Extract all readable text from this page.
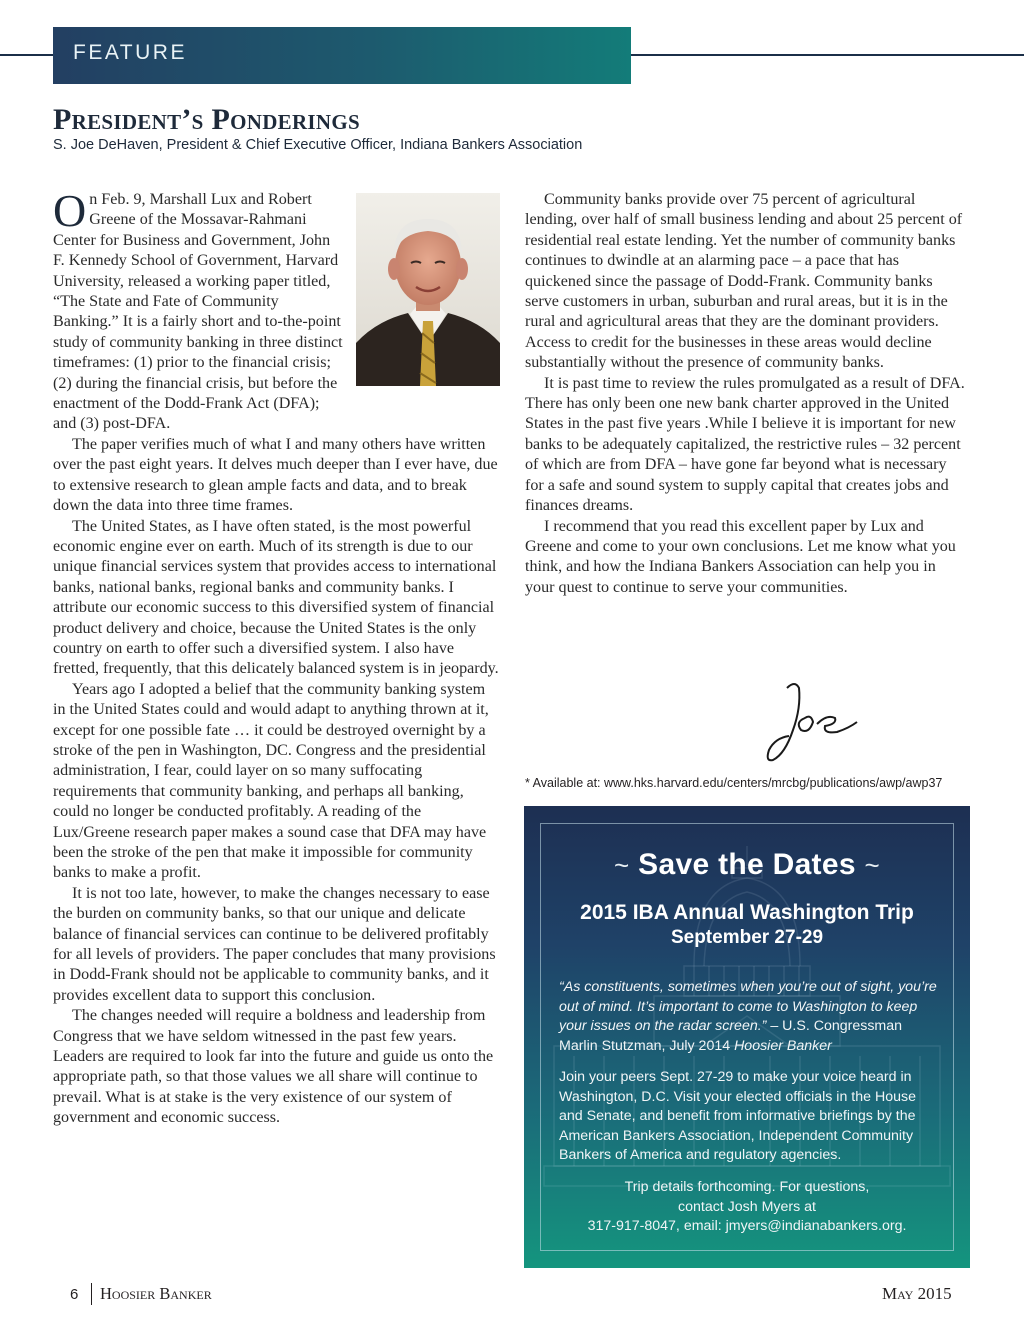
FEATURE
President’s Ponderings
S. Joe DeHaven, President & Chief Executive Officer, Indiana Bankers Association

On Feb. 9, Marshall Lux and Robert Greene of the Mossavar-Rahmani Center for Business and Government, John F. Kennedy School of Government, Harvard University, released a working paper titled, “The State and Fate of Community Banking.” It is a fairly short and to-the-point study of community banking in three distinct timeframes: (1) prior to the financial crisis; (2) during the financial crisis, but before the enactment of the Dodd-Frank Act (DFA); and (3) post-DFA.

The paper verifies much of what I and many others have written over the past eight years. It delves much deeper than I ever have, due to extensive research to glean ample facts and data, and to break down the data into three time frames.

The United States, as I have often stated, is the most powerful economic engine ever on earth. Much of its strength is due to our unique financial services system that provides access to international banks, national banks, regional banks and community banks. I attribute our economic success to this diversified system of financial product delivery and choice, because the United States is the only country on earth to offer such a diversified system. I also have fretted, frequently, that this delicately balanced system is in jeopardy.

Years ago I adopted a belief that the community banking system in the United States could and would adapt to anything thrown at it, except for one possible fate … it could be destroyed overnight by a stroke of the pen in Washington, DC. Congress and the presidential administration, I fear, could layer on so many suffocating requirements that community banking, and perhaps all banking, could no longer be conducted profitably. A reading of the Lux/Greene research paper makes a sound case that DFA may have been the stroke of the pen that make it impossible for community banks to make a profit.

It is not too late, however, to make the changes necessary to ease the burden on community banks, so that our unique and delicate balance of financial services can continue to be delivered profitably for all levels of providers. The paper concludes that many provisions in Dodd-Frank should not be applicable to community banks, and it provides excellent data to support this conclusion.

The changes needed will require a boldness and leadership from Congress that we have seldom witnessed in the past few years. Leaders are required to look far into the future and guide us onto the appropriate path, so that those values we all share will continue to prevail. What is at stake is the very existence of our system of government and economic success.

Community banks provide over 75 percent of agricultural lending, over half of small business lending and about 25 percent of residential real estate lending. Yet the number of community banks continues to dwindle at an alarming pace – a pace that has quickened since the passage of Dodd-Frank. Community banks serve customers in urban, suburban and rural areas, but it is in the rural and agricultural areas that they are the dominant providers. Access to credit for the businesses in these areas would decline substantially without the presence of community banks.

It is past time to review the rules promulgated as a result of DFA. There has only been one new bank charter approved in the United States in the past five years .While I believe it is important for new banks to be adequately capitalized, the restrictive rules – 32 percent of which are from DFA – have gone far beyond what is necessary for a safe and sound system to supply capital that creates jobs and finances dreams.

I recommend that you read this excellent paper by Lux and Greene and come to your own conclusions. Let me know what you think, and how the Indiana Bankers Association can help you in your quest to continue to serve your communities.

* Available at: www.hks.harvard.edu/centers/mrcbg/publications/awp/awp37
~ Save the Dates ~
2015 IBA Annual Washington Trip
September 27-29
“As constituents, sometimes when you’re out of sight, you’re out of mind. It’s important to come to Washington to keep your issues on the radar screen.” – U.S. Congressman Marlin Stutzman, July 2014 Hoosier Banker
Join your peers Sept. 27-29 to make your voice heard in Washington, D.C. Visit your elected officials in the House and Senate, and benefit from informative briefings by the American Bankers Association, Independent Community Bankers of America and regulatory agencies.
Trip details forthcoming. For questions,
contact Josh Myers at
317-917-8047, email: jmyers@indianabankers.org.
6 Hoosier Banker	May 2015
